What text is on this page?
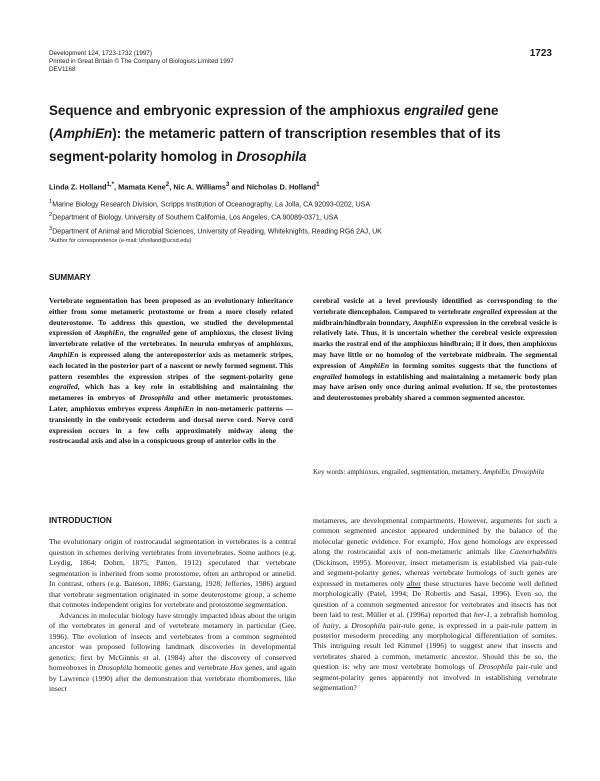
Development 124, 1723-1732 (1997)
Printed in Great Britain © The Company of Biologists Limited 1997
DEV1168
1723
Sequence and embryonic expression of the amphioxus engrailed gene (AmphiEn): the metameric pattern of transcription resembles that of its segment-polarity homolog in Drosophila
Linda Z. Holland$^{1,*}$, Mamata Kene$^2$, Nic A. Williams$^3$ and Nicholas D. Holland$^1$
$^1$Marine Biology Research Division, Scripps Institution of Oceanography, La Jolla, CA 92093-0202, USA
$^2$Department of Biology, University of Southern California, Los Angeles, CA 90089-0371, USA
$^3$Department of Animal and Microbial Sciences, University of Reading, Whiteknights, Reading RG6 2AJ, UK
*Author for correspondence (e-mail: lzholland@ucsd.edu)
SUMMARY

Vertebrate segmentation has been proposed as an evolutionary inheritance either from some metameric protostome or from a more closely related deuterostome. To address this question, we studied the developmental expression of AmphiEn, the engrailed gene of amphioxus, the closest living invertebrate relative of the vertebrates. In neurula embryos of amphioxus, AmphiEn is expressed along the anteroposterior axis as metameric stripes, each located in the posterior part of a nascent or newly formed segment. This pattern resembles the expression stripes of the segment-polarity gene engrailed, which has a key role in establishing and maintaining the metameres in embryos of Drosophila and other metameric protostomes. Later, amphioxus embryos express AmphiEn in non-metameric patterns — transiently in the embryonic ectoderm and dorsal nerve cord. Nerve cord expression occurs in a few cells approximately midway along the rostrocaudal axis and also in a conspicuous group of anterior cells in the

cerebral vesicle at a level previously identified as corresponding to the vertebrate diencephalon. Compared to vertebrate engrailed expression at the midbrain/hindbrain boundary, AmphiEn expression in the cerebral vesicle is relatively late. Thus, it is uncertain whether the cerebral vesicle expression marks the rostral end of the amphioxus hindbrain; if it does, then amphioxus may have little or no homolog of the vertebrate midbrain. The segmental expression of AmphiEn in forming somites suggests that the functions of engrailed homologs in establishing and maintaining a metameric body plan may have arisen only once during animal evolution. If so, the protostomes and deuterostomes probably shared a common segmented ancestor.

Key words: amphioxus, engrailed, segmentation, metamery, AmphiEn, Drosophila

INTRODUCTION

The evolutionary origin of rostrocaudal segmentation in vertebrates is a central question in schemes deriving vertebrates from invertebrates. Some authors (e.g. Leydig, 1864; Dohrn, 1875; Patten, 1912) speculated that vertebrate segmentation is inherited from some protostome, often an arthropod or annelid. In contrast, others (e.g. Bateson, 1886; Garstang, 1928; Jefferies, 1986) argued that vertebrate segmentation originated in some deuterostome group, a scheme that connotes independent origins for vertebrate and protostome segmentation.

Advances in molecular biology have strongly impacted ideas about the origin of the vertebrates in general and of vertebrate metamery in particular (Gee, 1996). The evolution of insects and vertebrates from a common segmented ancestor was proposed following landmark discoveries in developmental genetics: first by McGinnis et al. (1984) after the discovery of conserved homeoboxes in Drosophila homeotic genes and vertebrate Hox genes, and again by Lawrence (1990) after the demonstration that vertebrate rhombomeres, like insect

metameres, are developmental compartments. However, arguments for such a common segmented ancestor appeared undermined by the balance of the molecular genetic evidence. For example, Hox gene homologs are expressed along the rostrocaudal axis of non-metameric animals like Caenorhabditis (Dickinson, 1995). Moreover, insect metamerism is established via pair-rule and segment-polarity genes, whereas vertebrate homologs of such genes are expressed in metameres only after these structures have become well defined morphologically (Patel, 1994; De Robertis and Sasai, 1996). Even so, the question of a common segmented ancestor for vertebrates and insects has not been laid to rest. Müller et al. (1996a) reported that her-1, a zebrafish homolog of hairy, a Drosophila pair-rule gene, is expressed in a pair-rule pattern in posterior mesoderm preceding any morphological differentiation of somites. This intriguing result led Kimmel (1996) to suggest anew that insects and vertebrates shared a common, metameric ancestor. Should this be so, the question is: why are most vertebrate homologs of Drosophila pair-rule and segment-polarity genes apparently not involved in establishing vertebrate segmentation?
